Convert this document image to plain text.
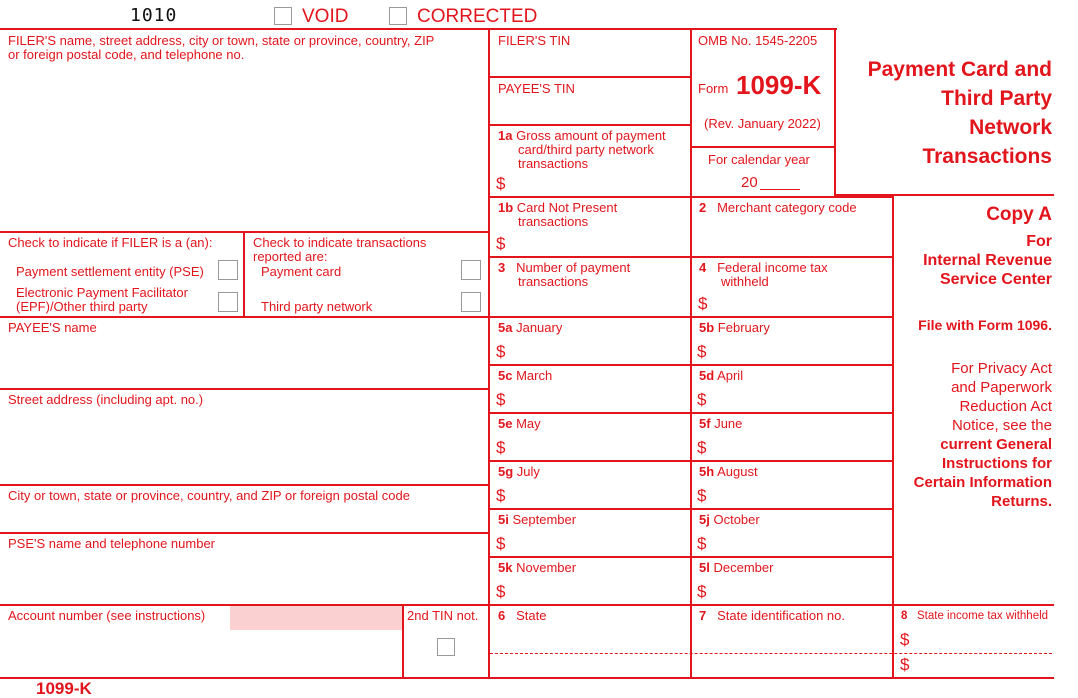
1010	VOID	CORRECTED
FILER'S name, street address, city or town, state or province, country, ZIP
or foreign postal code, and telephone no.
FILER'S TIN
PAYEE'S TIN
1a Gross amount of payment
card/third party network
transactions
$
OMB No. 1545-2205
Form 1099-K
(Rev. January 2022)
For calendar year
20
Payment Card and
Third Party
Network
Transactions
Check to indicate if FILER is a (an):
Payment settlement entity (PSE)
Electronic Payment Facilitator
(EPF)/Other third party
Check to indicate transactions
reported are:
Payment card
Third party network
1b Card Not Present
transactions
$
2 Merchant category code
3 Number of payment
transactions
4 Federal income tax
withheld
$
PAYEE'S name
Street address (including apt. no.)
City or town, state or province, country, and ZIP or foreign postal code
PSE'S name and telephone number
Account number (see instructions)	2nd TIN not.
5a January
$
5b February
$
5c March
$
5d April
$
5e May
$
5f June
$
5g July
$
5h August
$
5i September
$
5j October
$
5k November
$
5l December
$
6 State	7 State identification no.	8 State income tax withheld
$
$
Copy A
For
Internal Revenue
Service Center
File with Form 1096.
For Privacy Act
and Paperwork
Reduction Act
Notice, see the
current General
Instructions for
Certain Information
Returns.
1099-K
